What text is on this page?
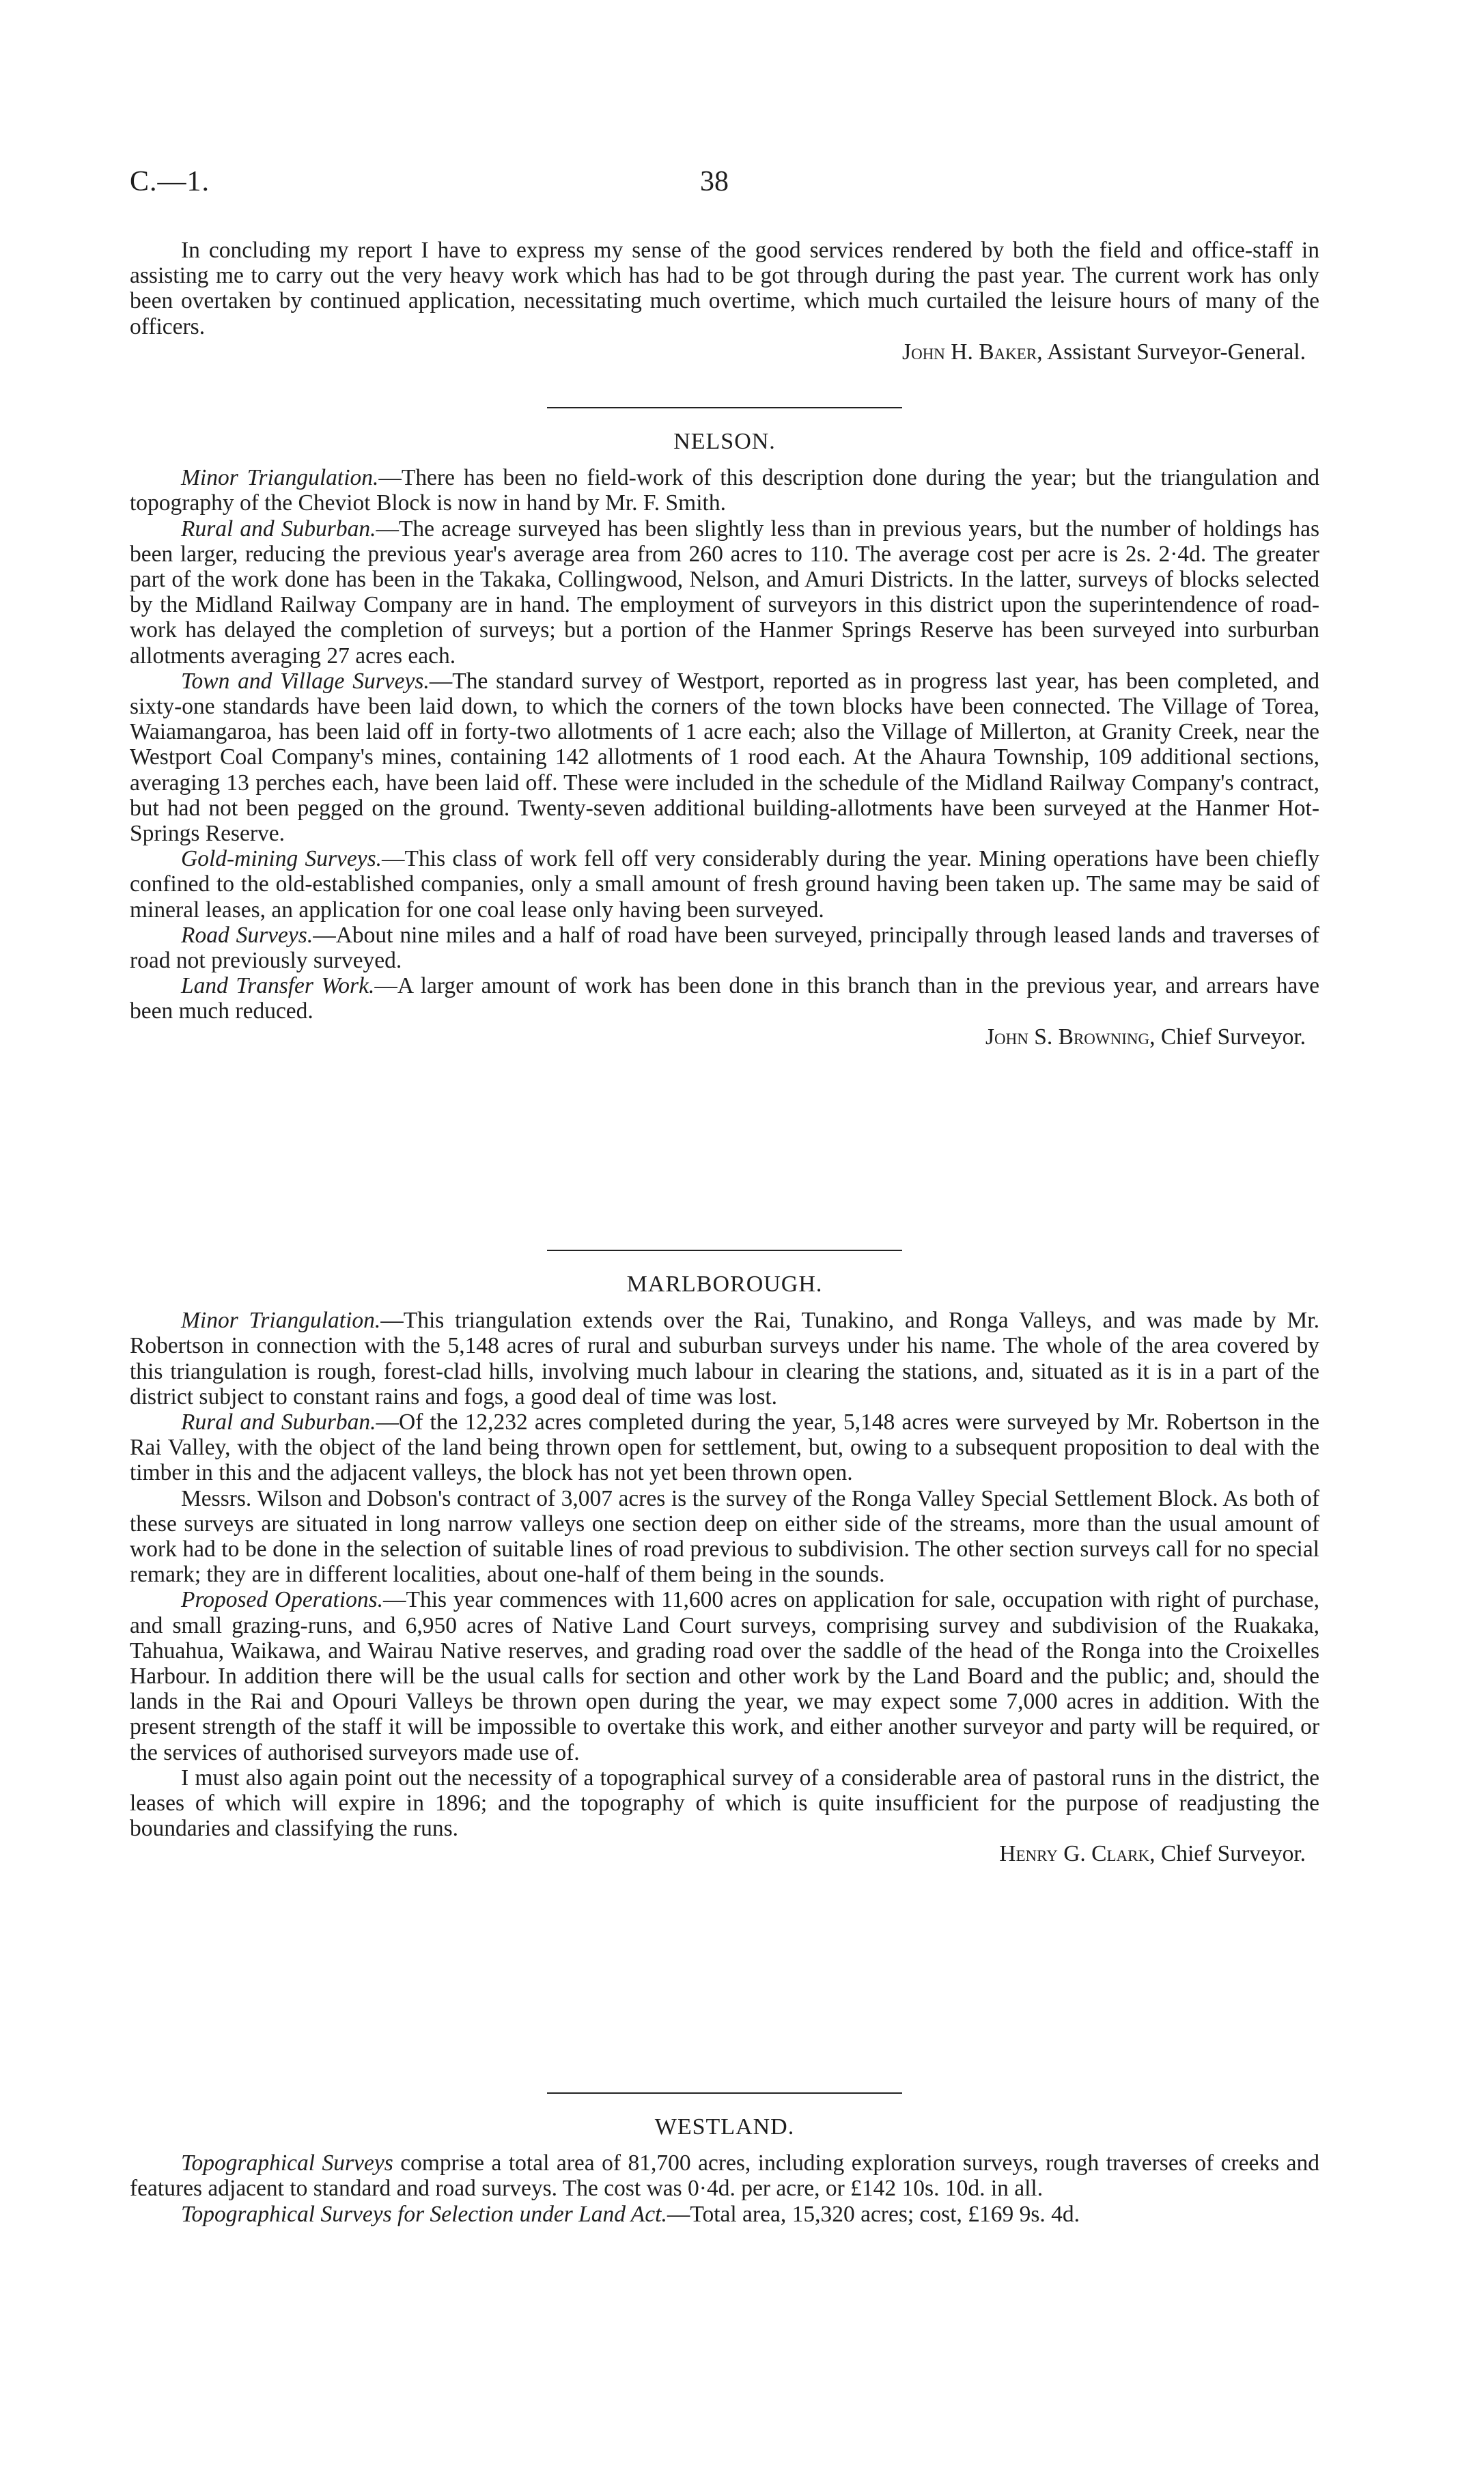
C.—1.	38

In concluding my report I have to express my sense of the good services rendered by both the field and office-staff in assisting me to carry out the very heavy work which has had to be got through during the past year. The current work has only been overtaken by continued application, necessitating much overtime, which much curtailed the leisure hours of many of the officers.

John H. Baker, Assistant Surveyor-General.
NELSON.

Minor Triangulation.—There has been no field-work of this description done during the year; but the triangulation and topography of the Cheviot Block is now in hand by Mr. F. Smith.

Rural and Suburban.—The acreage surveyed has been slightly less than in previous years, but the number of holdings has been larger, reducing the previous year's average area from 260 acres to 110. The average cost per acre is 2s. 2·4d. The greater part of the work done has been in the Takaka, Collingwood, Nelson, and Amuri Districts. In the latter, surveys of blocks selected by the Midland Railway Company are in hand. The employment of surveyors in this district upon the superintendence of road-work has delayed the completion of surveys; but a portion of the Hanmer Springs Reserve has been surveyed into surburban allotments averaging 27 acres each.

Town and Village Surveys.—The standard survey of Westport, reported as in progress last year, has been completed, and sixty-one standards have been laid down, to which the corners of the town blocks have been connected. The Village of Torea, Waiamangaroa, has been laid off in forty-two allotments of 1 acre each; also the Village of Millerton, at Granity Creek, near the Westport Coal Company's mines, containing 142 allotments of 1 rood each. At the Ahaura Township, 109 additional sections, averaging 13 perches each, have been laid off. These were included in the schedule of the Midland Railway Company's contract, but had not been pegged on the ground. Twenty-seven additional building-allotments have been surveyed at the Hanmer Hot-Springs Reserve.

Gold-mining Surveys.—This class of work fell off very considerably during the year. Mining operations have been chiefly confined to the old-established companies, only a small amount of fresh ground having been taken up. The same may be said of mineral leases, an application for one coal lease only having been surveyed.

Road Surveys.—About nine miles and a half of road have been surveyed, principally through leased lands and traverses of road not previously surveyed.

Land Transfer Work.—A larger amount of work has been done in this branch than in the previous year, and arrears have been much reduced.

John S. Browning, Chief Surveyor.
MARLBOROUGH.

Minor Triangulation.—This triangulation extends over the Rai, Tunakino, and Ronga Valleys, and was made by Mr. Robertson in connection with the 5,148 acres of rural and suburban surveys under his name. The whole of the area covered by this triangulation is rough, forest-clad hills, involving much labour in clearing the stations, and, situated as it is in a part of the district subject to constant rains and fogs, a good deal of time was lost.

Rural and Suburban.—Of the 12,232 acres completed during the year, 5,148 acres were surveyed by Mr. Robertson in the Rai Valley, with the object of the land being thrown open for settlement, but, owing to a subsequent proposition to deal with the timber in this and the adjacent valleys, the block has not yet been thrown open.

Messrs. Wilson and Dobson's contract of 3,007 acres is the survey of the Ronga Valley Special Settlement Block. As both of these surveys are situated in long narrow valleys one section deep on either side of the streams, more than the usual amount of work had to be done in the selection of suitable lines of road previous to subdivision. The other section surveys call for no special remark; they are in different localities, about one-half of them being in the sounds.

Proposed Operations.—This year commences with 11,600 acres on application for sale, occupation with right of purchase, and small grazing-runs, and 6,950 acres of Native Land Court surveys, comprising survey and subdivision of the Ruakaka, Tahuahua, Waikawa, and Wairau Native reserves, and grading road over the saddle of the head of the Ronga into the Croixelles Harbour. In addition there will be the usual calls for section and other work by the Land Board and the public; and, should the lands in the Rai and Opouri Valleys be thrown open during the year, we may expect some 7,000 acres in addition. With the present strength of the staff it will be impossible to overtake this work, and either another surveyor and party will be required, or the services of authorised surveyors made use of.

I must also again point out the necessity of a topographical survey of a considerable area of pastoral runs in the district, the leases of which will expire in 1896; and the topography of which is quite insufficient for the purpose of readjusting the boundaries and classifying the runs.

Henry G. Clark, Chief Surveyor.
WESTLAND.

Topographical Surveys comprise a total area of 81,700 acres, including exploration surveys, rough traverses of creeks and features adjacent to standard and road surveys. The cost was 0·4d. per acre, or £142 10s. 10d. in all.

Topographical Surveys for Selection under Land Act.—Total area, 15,320 acres; cost, £169 9s. 4d.
